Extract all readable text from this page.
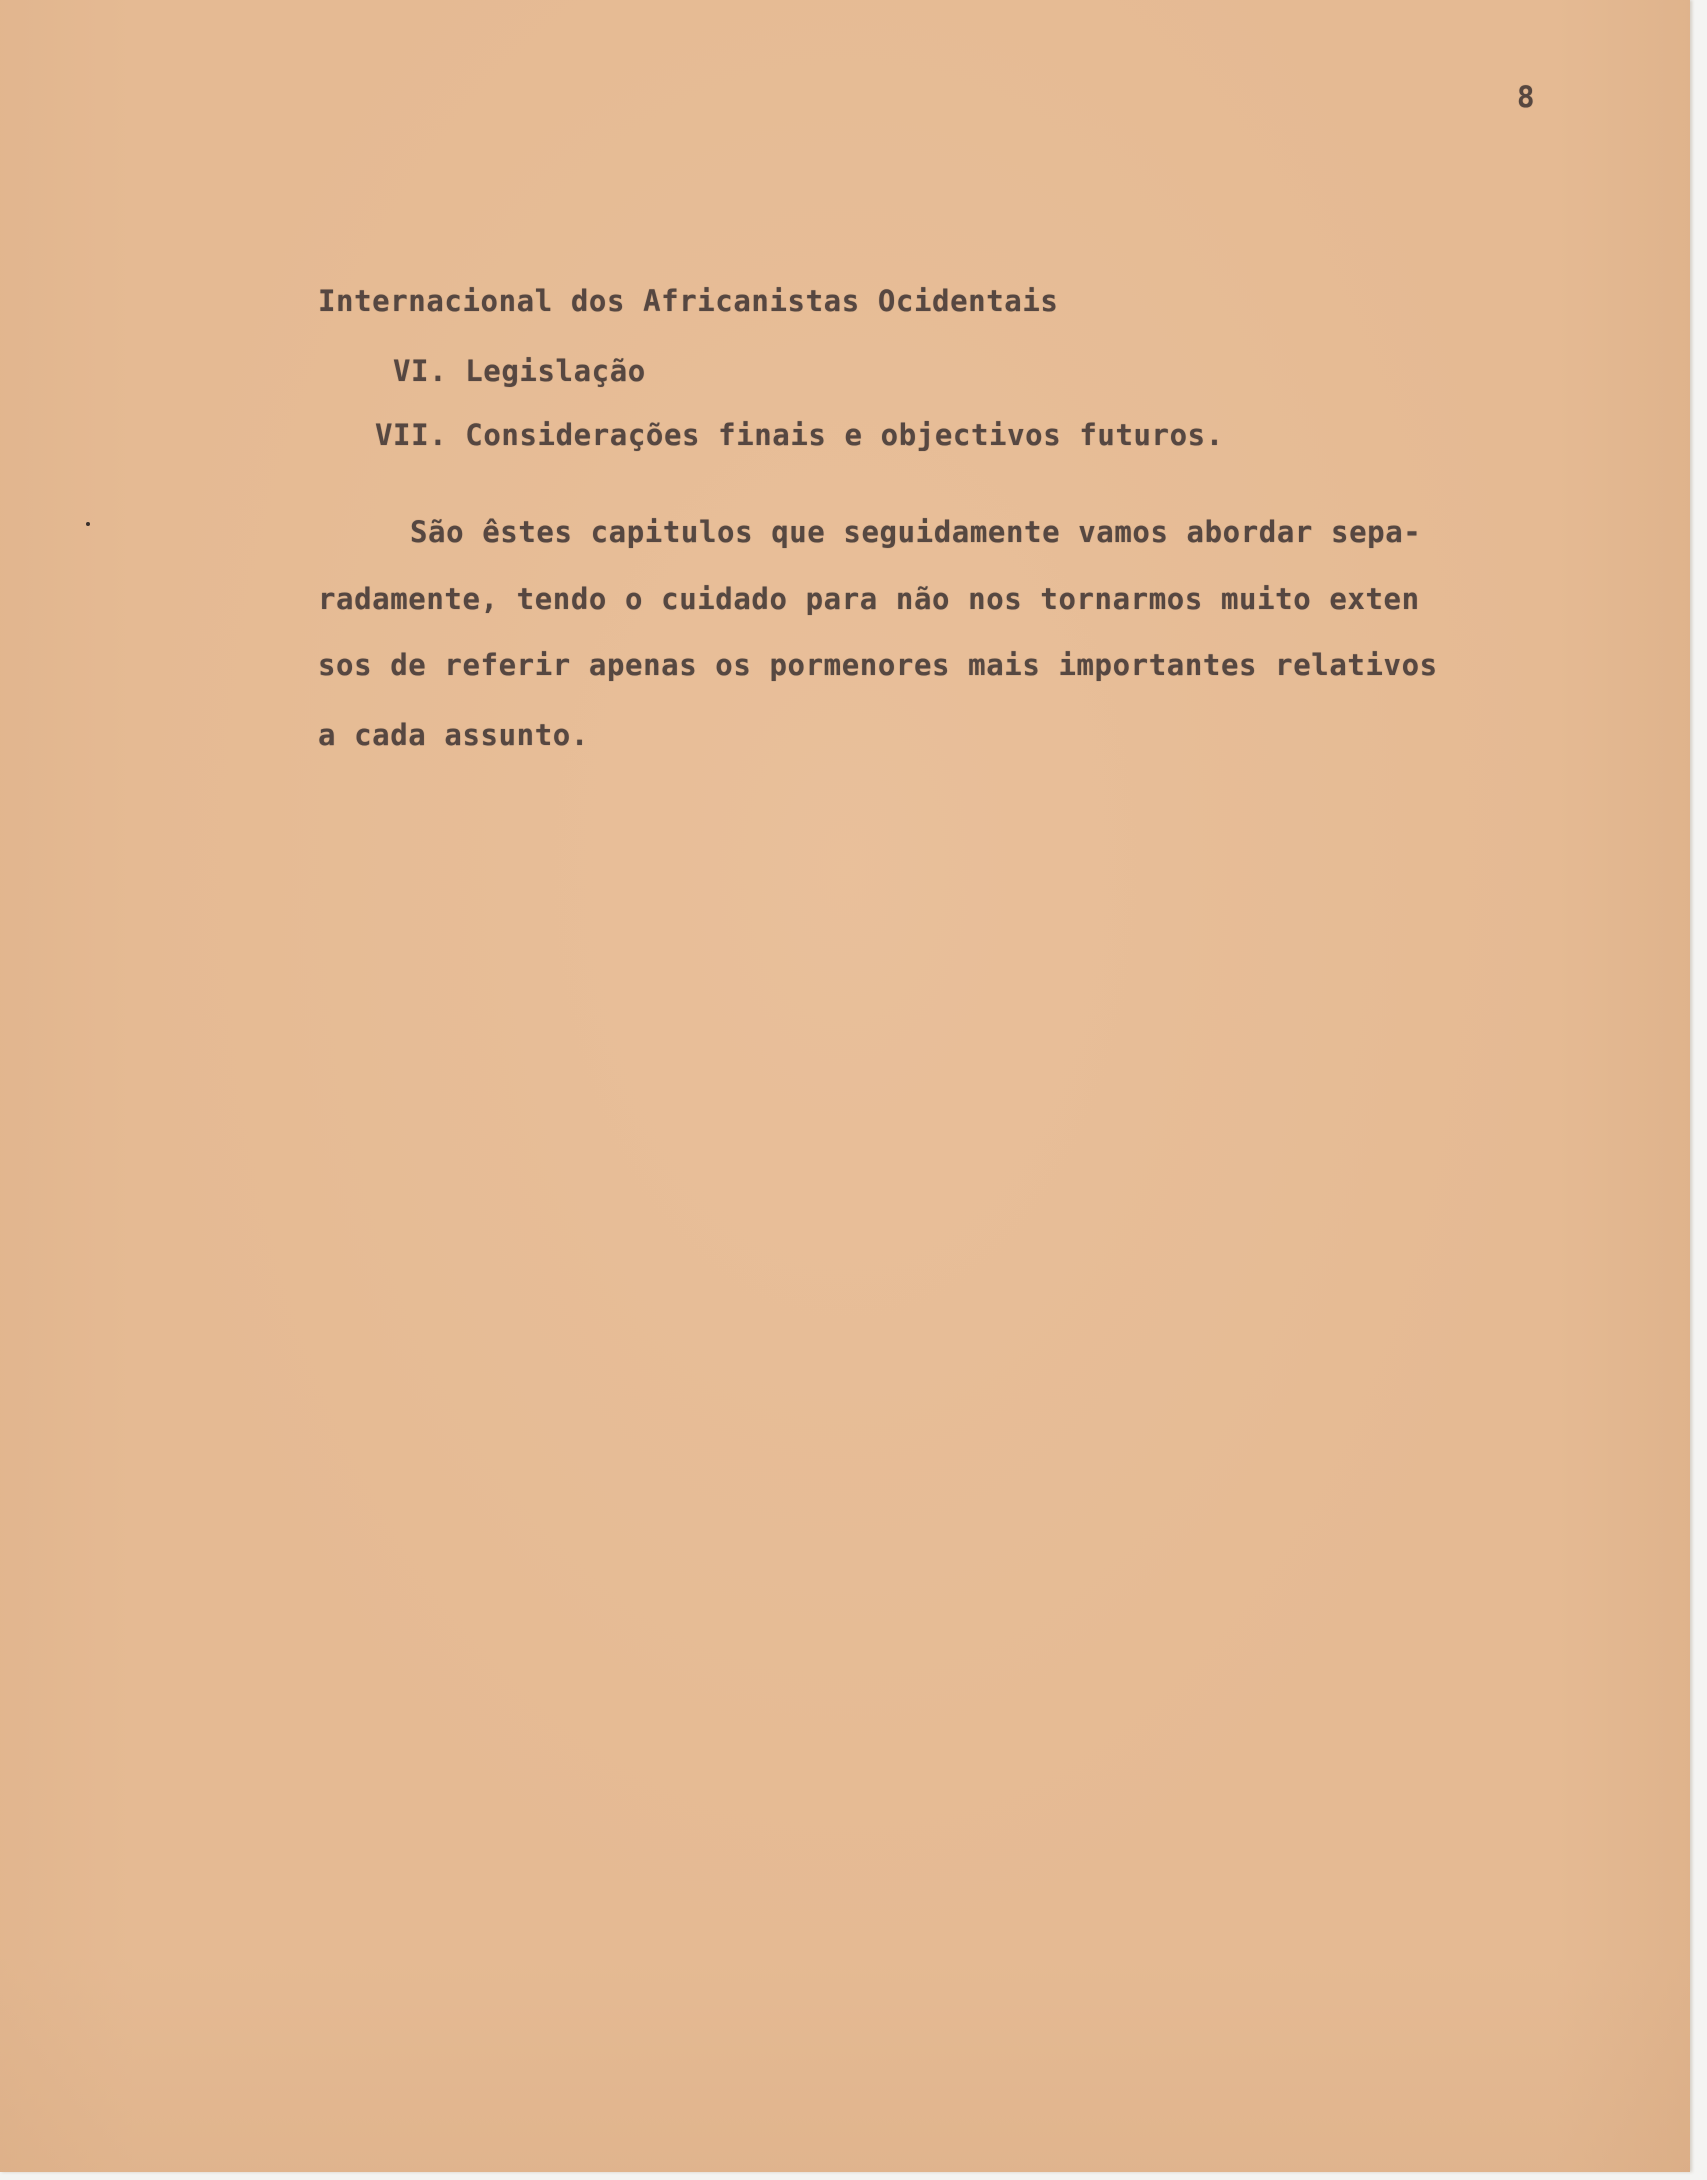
8
Internacional dos Africanistas Ocidentais
VI. Legislação
VII. Considerações finais e objectivos futuros.
São êstes capitulos que seguidamente vamos abordar sepa-
radamente, tendo o cuidado para não nos tornarmos muito exten
sos de referir apenas os pormenores mais importantes relativos
a cada assunto.
